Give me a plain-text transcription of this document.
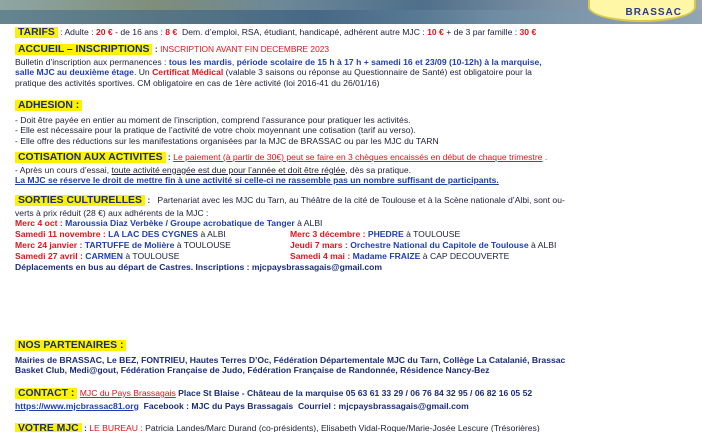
BRASSAC
TARIFS : Adulte : 20 € - de 16 ans : 8 € Dem. d’emploi, RSA, étudiant, handicapé, adhérent autre MJC : 10 € + de 3 par famille : 30 €
ACCUEIL – INSCRIPTIONS : INSCRIPTION AVANT FIN DECEMBRE 2023
Bulletin d’inscription aux permanences : tous les mardis, période scolaire de 15 h à 17 h + samedi 16 et 23/09 (10-12h) à la marquise,
salle MJC au deuxième étage. Un Certificat Médical (valable 3 saisons ou réponse au Questionnaire de Santé) est obligatoire pour la
pratique des activités sportives. CM obligatoire en cas de 1ère activité (loi 2016-41 du 26/01/16)
ADHESION :
- Doit être payée en entier au moment de l’inscription, comprend l’assurance pour pratiquer les activités.
- Elle est nécessaire pour la pratique de l’activité de votre choix moyennant une cotisation (tarif au verso).
- Elle offre des réductions sur les manifestations organisées par la MJC de BRASSAC ou par les MJC du TARN
COTISATION AUX ACTIVITES : Le paiement (à partir de 30€) peut se faire en 3 chèques encaissés en début de chaque trimestre .
- Après un cours d’essai, toute activité engagée est due pour l’année et doit être réglée, dès sa pratique.
La MJC se réserve le droit de mettre fin à une activité si celle-ci ne rassemble pas un nombre suffisant de participants.
SORTIES CULTURELLES : Partenariat avec les MJC du Tarn, au Théâtre de la cité de Toulouse et à la Scène nationale d’Albi, sont ou-
verts à prix réduit (28 €) aux adhérents de la MJC :
Merc 4 oct : Maroussia Diaz Verbèke / Groupe acrobatique de Tanger à ALBI
Samedi 11 novembre : LA LAC DES CYGNES à ALBI	Merc 3 décembre : PHEDRE à TOULOUSE
Merc 24 janvier : TARTUFFE de Molière à TOULOUSE	Jeudi 7 mars : Orchestre National du Capitole de Toulouse à ALBI
Samedi 27 avril : CARMEN à TOULOUSE	Samedi 4 mai : Madame FRAIZE à CAP DECOUVERTE
Déplacements en bus au départ de Castres. Inscriptions : mjcpaysbrassagais@gmail.com
NOS PARTENAIRES :
Mairies de BRASSAC, Le BEZ, FONTRIEU, Hautes Terres D’Oc, Fédération Départementale MJC du Tarn, Collège La Catalanié, Brassac
Basket Club, Medi@gout, Fédération Française de Judo, Fédération Française de Randonnée, Résidence Nancy-Bez
CONTACT : MJC du Pays Brassagais Place St Blaise - Château de la marquise 05 63 61 33 29 / 06 76 84 32 95 / 06 82 16 05 52
https://www.mjcbrassac81.org Facebook : MJC du Pays Brassagais Courriel : mjcpaysbrassagais@gmail.com
VOTRE MJC : LE BUREAU : Patricia Landes/Marc Durand (co-présidents), Elisabeth Vidal-Roque/Marie-Josée Lescure (Trésorières)
